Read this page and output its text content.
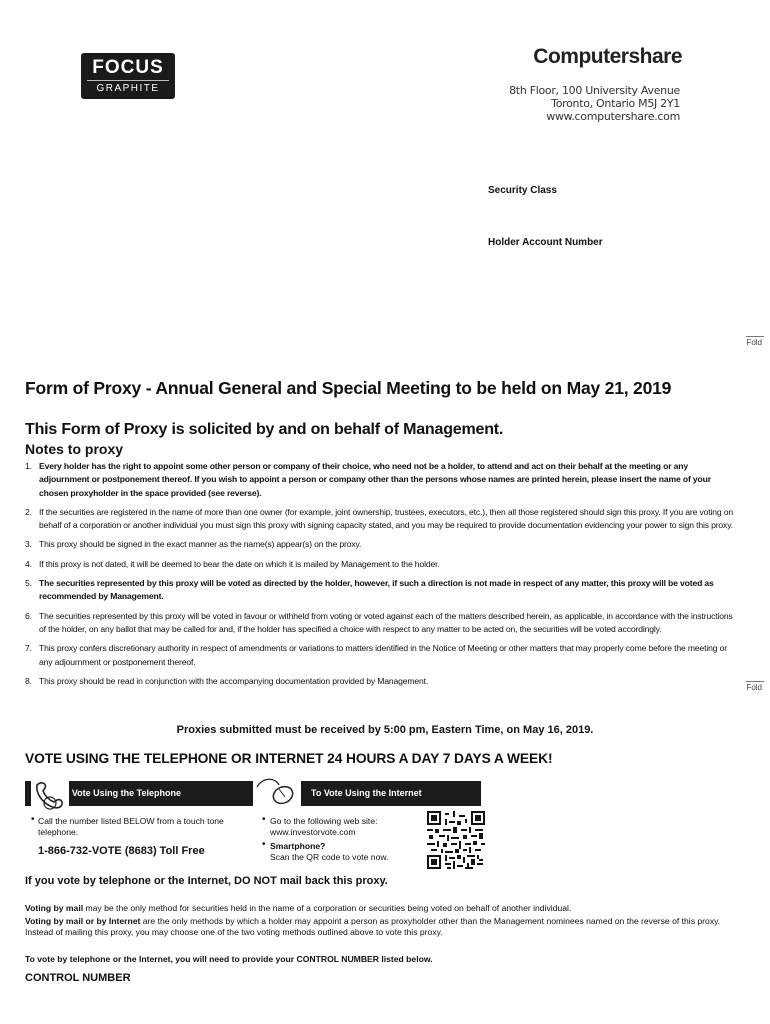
FOCUS
GRAPHITE
Computershare
8th Floor, 100 University Avenue
Toronto, Ontario M5J 2Y1
www.computershare.com
Security Class
Holder Account Number
Fold
Fold
Form of Proxy - Annual General and Special Meeting to be held on May 21, 2019
This Form of Proxy is solicited by and on behalf of Management.
Notes to proxy
1. Every holder has the right to appoint some other person or company of their choice, who need not be a holder, to attend and act on their behalf at the meeting or any adjournment or postponement thereof. If you wish to appoint a person or company other than the persons whose names are printed herein, please insert the name of your chosen proxyholder in the space provided (see reverse).
2. If the securities are registered in the name of more than one owner (for example, joint ownership, trustees, executors, etc.), then all those registered should sign this proxy. If you are voting on behalf of a corporation or another individual you must sign this proxy with signing capacity stated, and you may be required to provide documentation evidencing your power to sign this proxy.
3. This proxy should be signed in the exact manner as the name(s) appear(s) on the proxy.
4. If this proxy is not dated, it will be deemed to bear the date on which it is mailed by Management to the holder.
5. The securities represented by this proxy will be voted as directed by the holder, however, if such a direction is not made in respect of any matter, this proxy will be voted as recommended by Management.
6. The securities represented by this proxy will be voted in favour or withheld from voting or voted against each of the matters described herein, as applicable, in accordance with the instructions of the holder, on any ballot that may be called for and, if the holder has specified a choice with respect to any matter to be acted on, the securities will be voted accordingly.
7. This proxy confers discretionary authority in respect of amendments or variations to matters identified in the Notice of Meeting or other matters that may properly come before the meeting or any adjournment or postponement thereof.
8. This proxy should be read in conjunction with the accompanying documentation provided by Management.
Proxies submitted must be received by 5:00 pm, Eastern Time, on May 16, 2019.
VOTE USING THE TELEPHONE OR INTERNET 24 HOURS A DAY 7 DAYS A WEEK!
To Vote Using the Telephone	To Vote Using the Internet
• Call the number listed BELOW from a touch tone telephone.
1-866-732-VOTE (8683) Toll Free
• Go to the following web site:
www.investorvote.com
• Smartphone?
Scan the QR code to vote now.
If you vote by telephone or the Internet, DO NOT mail back this proxy.
Voting by mail may be the only method for securities held in the name of a corporation or securities being voted on behalf of another individual.
Voting by mail or by Internet are the only methods by which a holder may appoint a person as proxyholder other than the Management nominees named on the reverse of this proxy. Instead of mailing this proxy, you may choose one of the two voting methods outlined above to vote this proxy.
To vote by telephone or the Internet, you will need to provide your CONTROL NUMBER listed below.
CONTROL NUMBER
